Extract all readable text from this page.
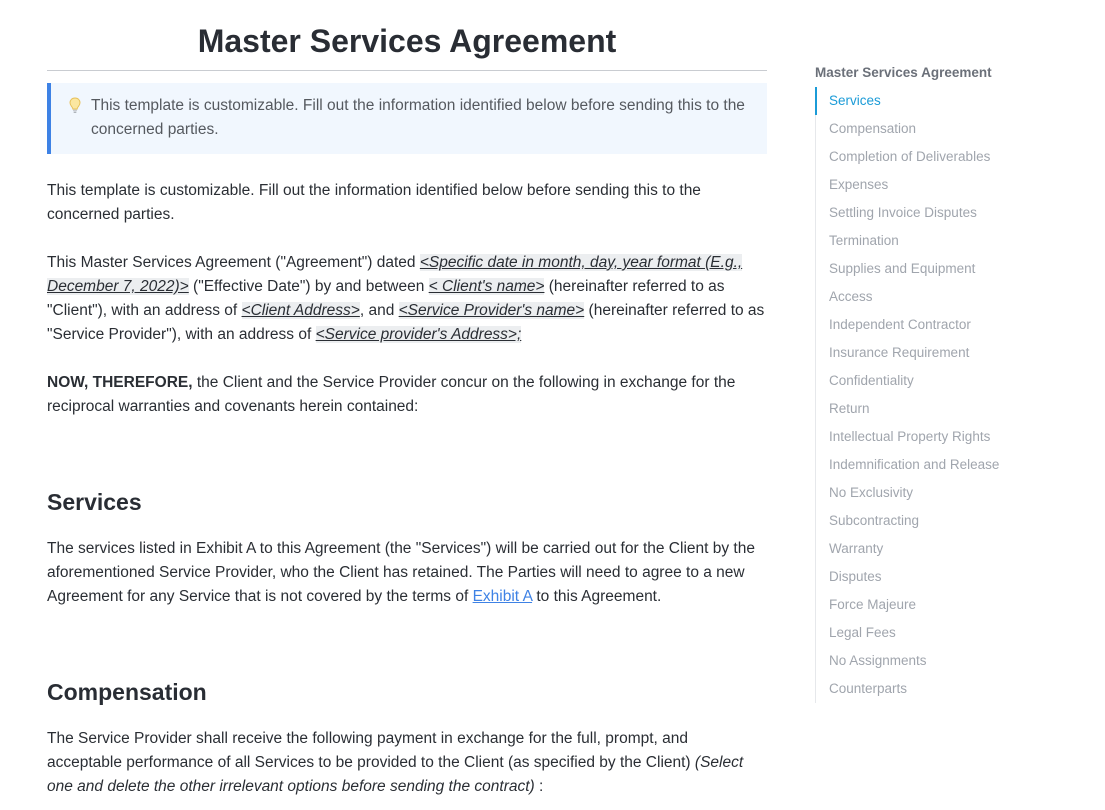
Master Services Agreement
This template is customizable. Fill out the information identified below before sending this to the concerned parties.

This template is customizable. Fill out the information identified below before sending this to the concerned parties.

This Master Services Agreement ("Agreement") dated <Specific date in month, day, year format (E.g., December 7, 2022)> ("Effective Date") by and between < Client's name> (hereinafter referred to as "Client"), with an address of <Client Address>, and <Service Provider's name> (hereinafter referred to as "Service Provider"), with an address of <Service provider's Address>;

NOW, THEREFORE, the Client and the Service Provider concur on the following in exchange for the reciprocal warranties and covenants herein contained:

Services

The services listed in Exhibit A to this Agreement (the "Services") will be carried out for the Client by the aforementioned Service Provider, who the Client has retained. The Parties will need to agree to a new Agreement for any Service that is not covered by the terms of Exhibit A to this Agreement.

Compensation

The Service Provider shall receive the following payment in exchange for the full, prompt, and acceptable performance of all Services to be provided to the Client (as specified by the Client) (Select one and delete the other irrelevant options before sending the contract) :

Master Services Agreement
Services
Compensation
Completion of Deliverables
Expenses
Settling Invoice Disputes
Termination
Supplies and Equipment
Access
Independent Contractor
Insurance Requirement
Confidentiality
Return
Intellectual Property Rights
Indemnification and Release
No Exclusivity
Subcontracting
Warranty
Disputes
Force Majeure
Legal Fees
No Assignments
Counterparts
